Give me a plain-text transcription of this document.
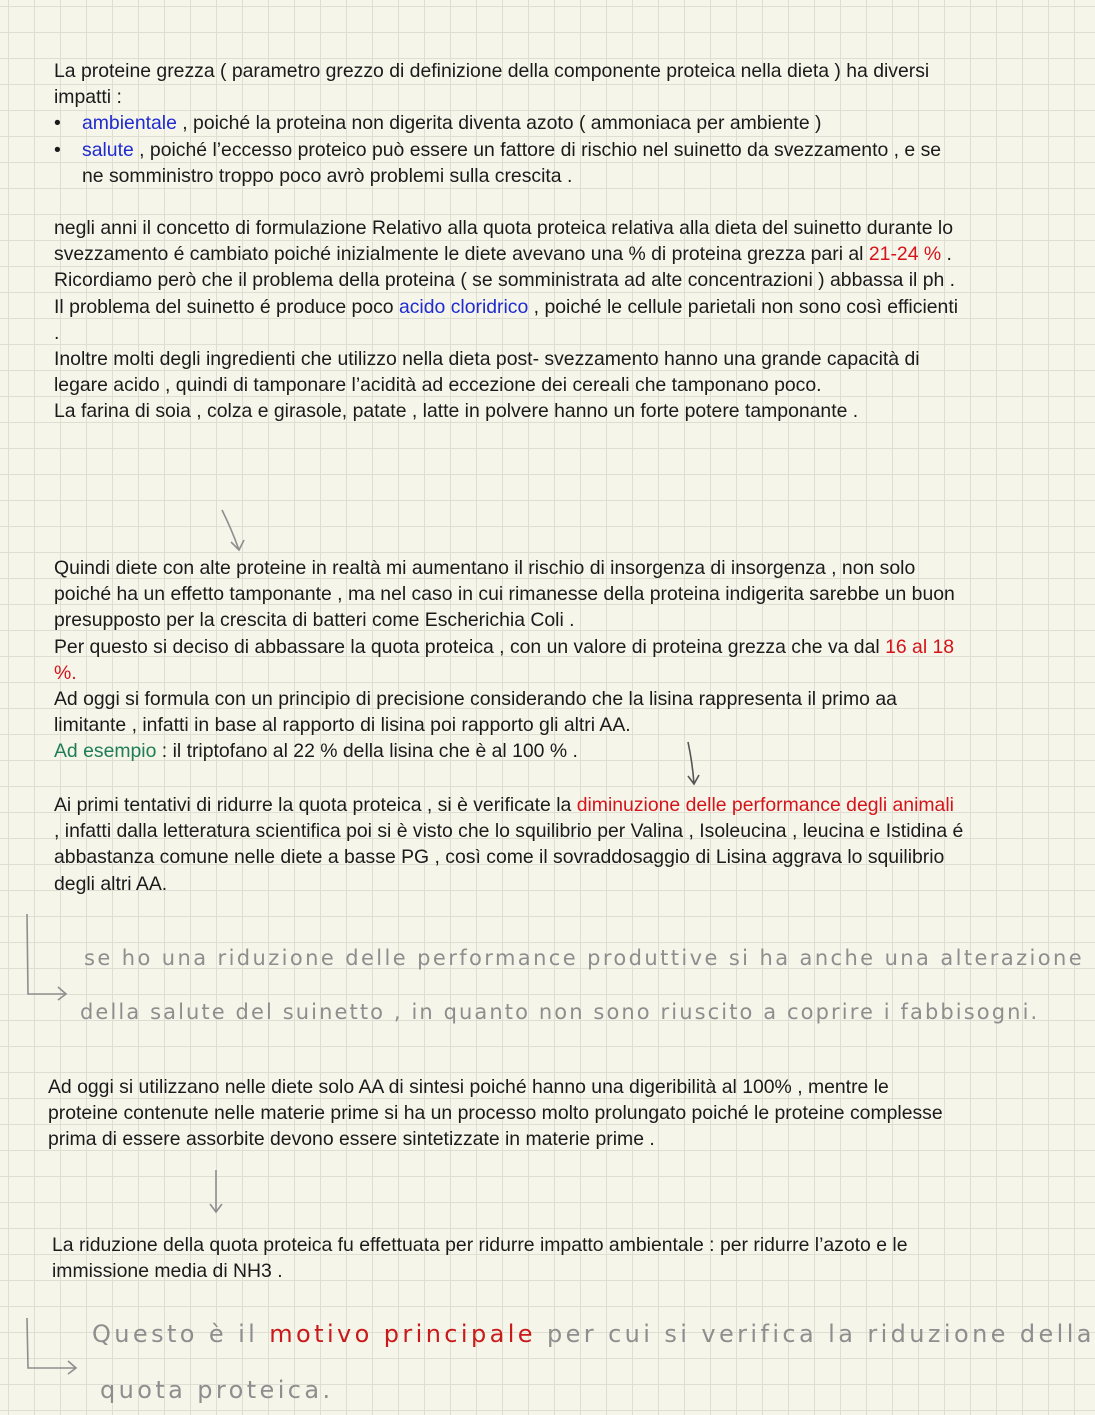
La proteine grezza ( parametro grezzo di definizione della componente proteica nella dieta ) ha diversi impatti :

• ambientale , poiché la proteina non digerita diventa azoto ( ammoniaca per ambiente )
• salute , poiché l’eccesso proteico può essere un fattore di rischio nel suinetto da svezzamento , e se ne somministro troppo poco avrò problemi sulla crescita .

negli anni il concetto di formulazione Relativo alla quota proteica relativa alla dieta del suinetto durante lo svezzamento é cambiato poiché inizialmente le diete avevano una % di proteina grezza pari al 21-24 % .

Ricordiamo però che il problema della proteina ( se somministrata ad alte concentrazioni ) abbassa il ph .

Il problema del suinetto é produce poco acido cloridrico , poiché le cellule parietali non sono così efficienti .

Inoltre molti degli ingredienti che utilizzo nella dieta post- svezzamento hanno una grande capacità di legare acido , quindi di tamponare l’acidità ad eccezione dei cereali che tamponano poco.

La farina di soia , colza e girasole, patate , latte in polvere hanno un forte potere tamponante .

Quindi diete con alte proteine in realtà mi aumentano il rischio di insorgenza di insorgenza , non solo poiché ha un effetto tamponante , ma nel caso in cui rimanesse della proteina indigerita sarebbe un buon presupposto per la crescita di batteri come Escherichia Coli .

Per questo si deciso di abbassare la quota proteica , con un valore di proteina grezza che va dal 16 al 18 %.

Ad oggi si formula con un principio di precisione considerando che la lisina rappresenta il primo aa limitante , infatti in base al rapporto di lisina poi rapporto gli altri AA.

Ad esempio : il triptofano al 22 % della lisina che è al 100 % .

Ai primi tentativi di ridurre la quota proteica , si è verificate la diminuzione delle performance degli animali , infatti dalla letteratura scientifica poi si è visto che lo squilibrio per Valina , Isoleucina , leucina e Istidina é abbastanza comune nelle diete a basse PG , così come il sovraddosaggio di Lisina aggrava lo squilibrio degli altri AA.

se ho una riduzione delle performance produttive si ha anche una alterazione
della salute del suinetto , in quanto non sono riuscito a coprire i fabbisogni.

Ad oggi si utilizzano nelle diete solo AA di sintesi poiché hanno una digeribilità al 100% , mentre le proteine contenute nelle materie prime si ha un processo molto prolungato poiché le proteine complesse prima di essere assorbite devono essere sintetizzate in materie prime .

La riduzione della quota proteica fu effettuata per ridurre impatto ambientale : per ridurre l’azoto e le immissione media di NH3 .

Questo è il motivo principale per cui si verifica la riduzione della
quota proteica.
